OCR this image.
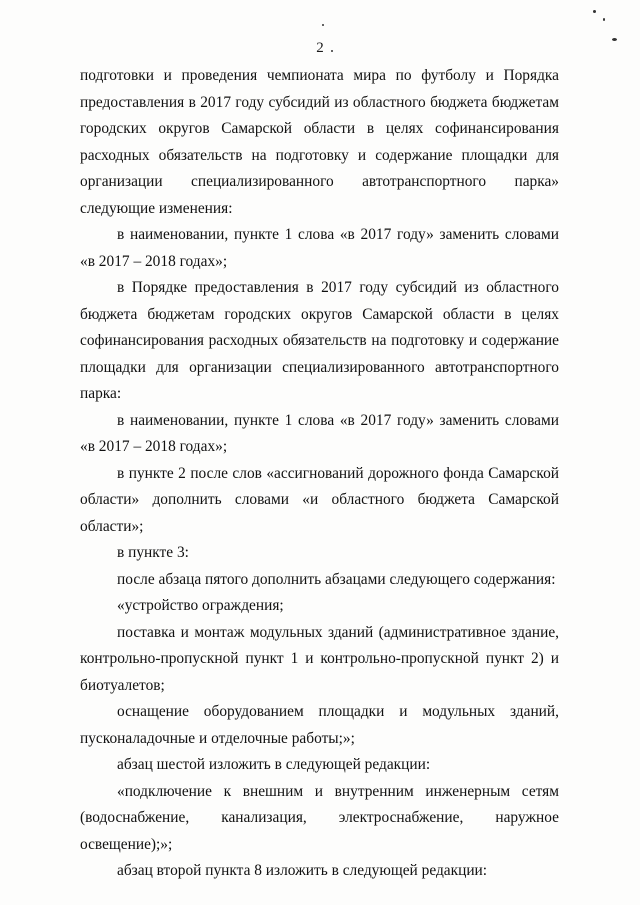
2

подготовки и проведения чемпионата мира по футболу и Порядка предоставления в 2017 году субсидий из областного бюджета бюджетам городских округов Самарской области в целях софинансирования расходных обязательств на подготовку и содержание площадки для организации специализированного автотранспортного парка» следующие изменения:

в наименовании, пункте 1 слова «в 2017 году» заменить словами «в 2017 – 2018 годах»;

в Порядке предоставления в 2017 году субсидий из областного бюджета бюджетам городских округов Самарской области в целях софинансирования расходных обязательств на подготовку и содержание площадки для организации специализированного автотранспортного парка:

в наименовании, пункте 1 слова «в 2017 году» заменить словами «в 2017 – 2018 годах»;

в пункте 2 после слов «ассигнований дорожного фонда Самарской области» дополнить словами «и областного бюджета Самарской области»;

в пункте 3:

после абзаца пятого дополнить абзацами следующего содержания:

«устройство ограждения;

поставка и монтаж модульных зданий (административное здание, контрольно-пропускной пункт 1 и контрольно-пропускной пункт 2) и биотуалетов;

оснащение оборудованием площадки и модульных зданий, пусконаладочные и отделочные работы;»;

абзац шестой изложить в следующей редакции:

«подключение к внешним и внутренним инженерным сетям (водоснабжение, канализация, электроснабжение, наружное освещение);»;

абзац второй пункта 8 изложить в следующей редакции:
